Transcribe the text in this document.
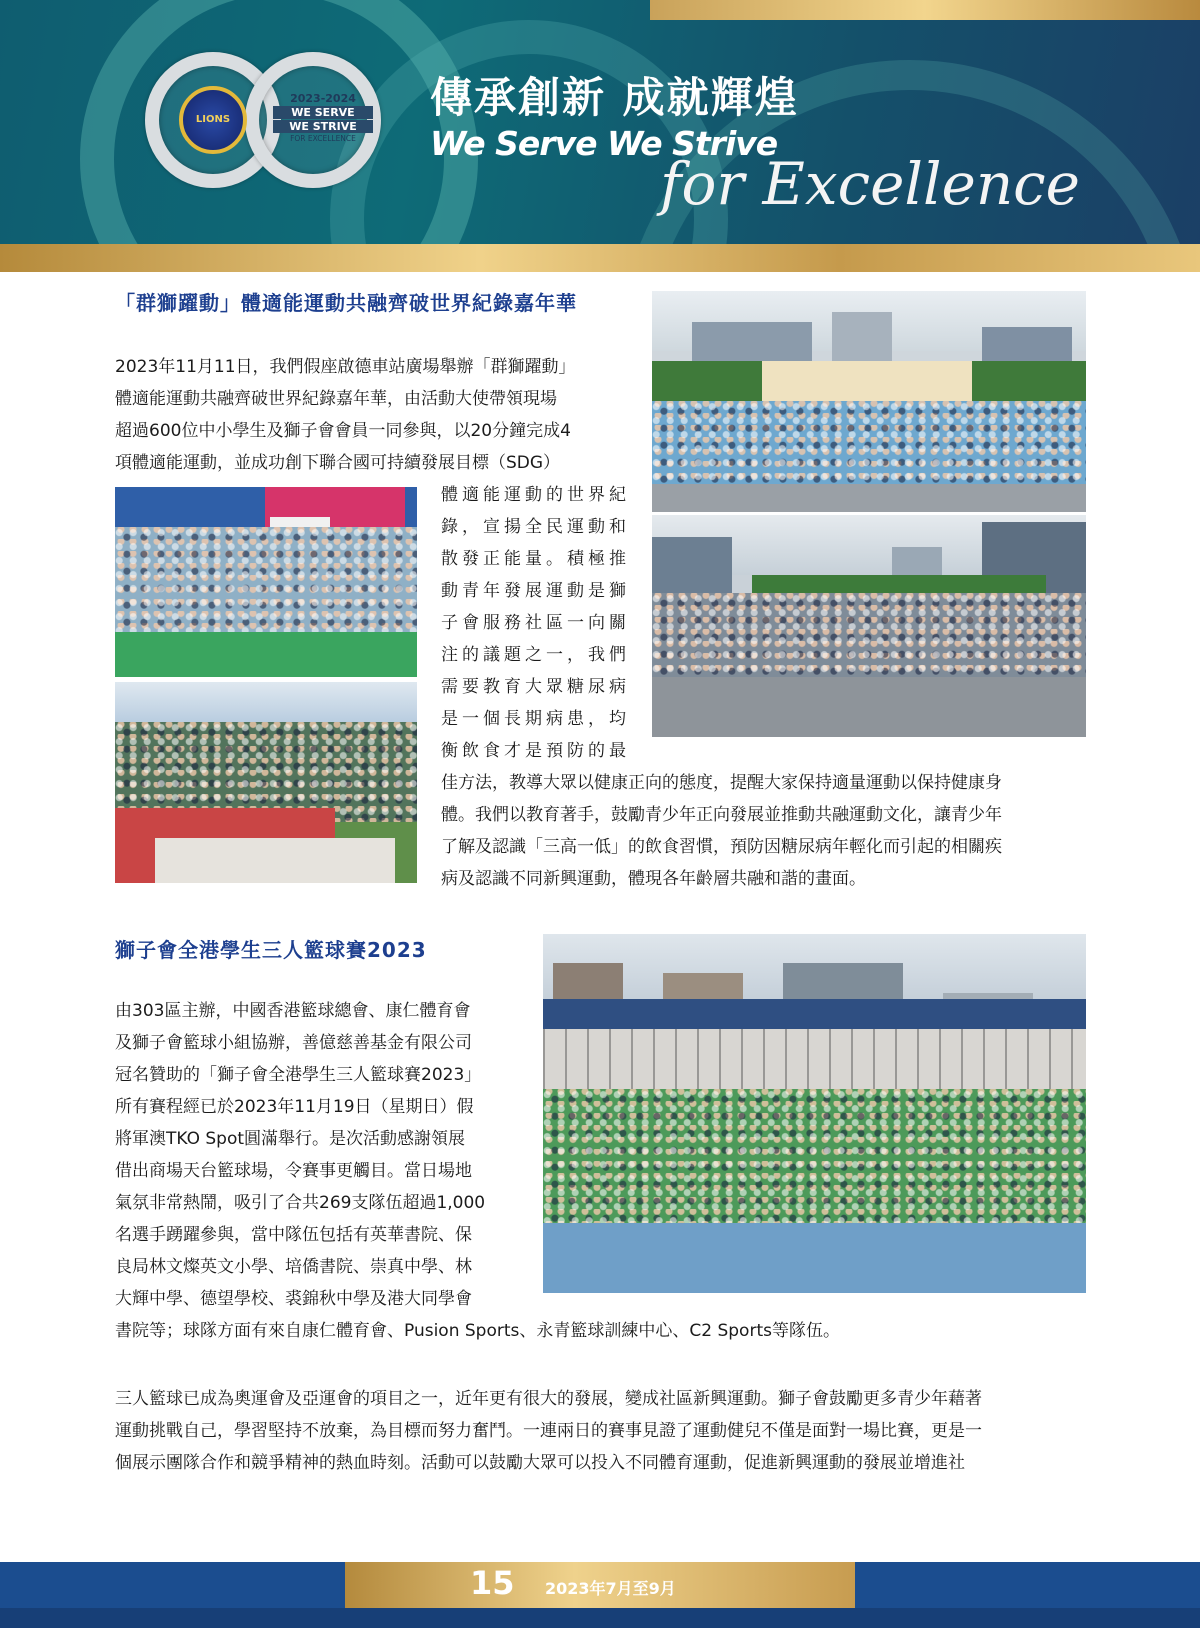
LIONS
2023-2024
WE SERVE
WE STRIVE
FOR EXCELLENCE
傳承創新 成就輝煌
We Serve We Strive
for Excellence
「群獅躍動」體適能運動共融齊破世界紀錄嘉年華
2023年11月11日，我們假座啟德車站廣場舉辦「群獅躍動」
體適能運動共融齊破世界紀錄嘉年華，由活動大使帶領現場
超過600位中小學生及獅子會會員一同參與，以20分鐘完成4
項體適能運動，並成功創下聯合國可持續發展目標（SDG）
體適能運動的世界紀
錄，宣揚全民運動和
散發正能量。積極推
動青年發展運動是獅
子會服務社區一向關
注的議題之一，我們
需要教育大眾糖尿病
是一個長期病患，均
衡飲食才是預防的最
佳方法，教導大眾以健康正向的態度，提醒大家保持適量運動以保持健康身
體。我們以教育著手，鼓勵青少年正向發展並推動共融運動文化，讓青少年
了解及認識「三高一低」的飲食習慣，預防因糖尿病年輕化而引起的相關疾
病及認識不同新興運動，體現各年齡層共融和諧的畫面。
獅子會全港學生三人籃球賽2023
由303區主辦，中國香港籃球總會、康仁體育會
及獅子會籃球小組協辦，善億慈善基金有限公司
冠名贊助的「獅子會全港學生三人籃球賽2023」
所有賽程經已於2023年11月19日（星期日）假
將軍澳TKO Spot圓滿舉行。是次活動感謝領展
借出商場天台籃球場，令賽事更觸目。當日場地
氣氛非常熱鬧，吸引了合共269支隊伍超過1,000
名選手踴躍參與，當中隊伍包括有英華書院、保
良局林文燦英文小學、培僑書院、崇真中學、林
大輝中學、德望學校、裘錦秋中學及港大同學會
書院等；球隊方面有來自康仁體育會、Pusion Sports、永青籃球訓練中心、C2 Sports等隊伍。
三人籃球已成為奧運會及亞運會的項目之一，近年更有很大的發展，變成社區新興運動。獅子會鼓勵更多青少年藉著
運動挑戰自己，學習堅持不放棄，為目標而努力奮鬥。一連兩日的賽事見證了運動健兒不僅是面對一場比賽，更是一
個展示團隊合作和競爭精神的熱血時刻。活動可以鼓勵大眾可以投入不同體育運動，促進新興運動的發展並增進社
15 2023年7月至9月
